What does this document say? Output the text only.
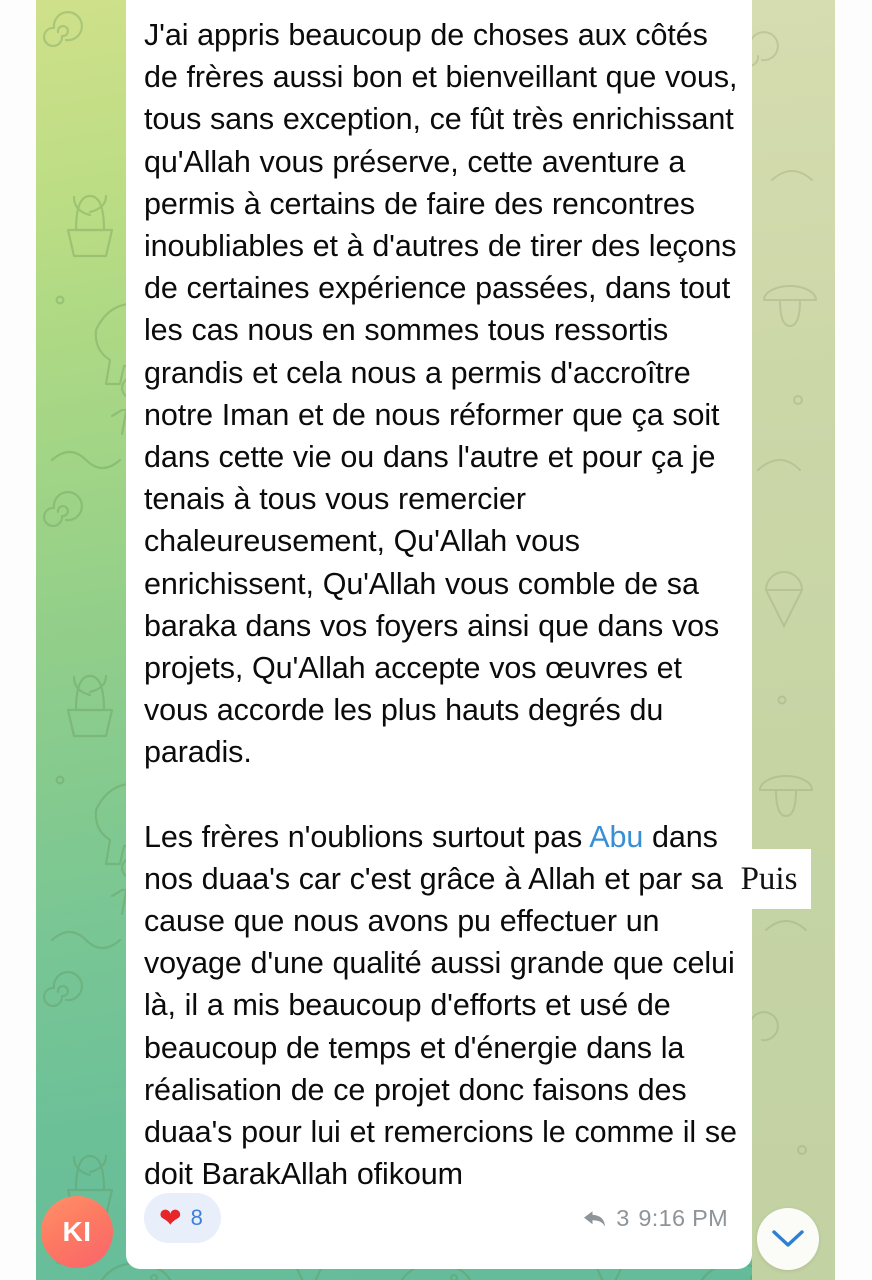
J'ai appris beaucoup de choses aux côtés de frères aussi bon et bienveillant que vous, tous sans exception, ce fût très enrichissant qu'Allah vous préserve, cette aventure a permis à certains de faire des rencontres inoubliables et à d'autres de tirer des leçons de certaines expérience passées, dans tout les cas nous en sommes tous ressortis grandis et cela nous a permis d'accroître notre Iman et de nous réformer que ça soit dans cette vie ou dans l'autre et pour ça je tenais à tous vous remercier chaleureusement, Qu'Allah vous enrichissent, Qu'Allah vous comble de sa baraka dans vos foyers ainsi que dans vos projets, Qu'Allah accepte vos œuvres et vous accorde les plus hauts degrés du paradis.
Les frères n'oublions surtout pas Abu dans nos duaa's car c'est grâce à Allah et par sa cause que nous avons pu effectuer un voyage d'une qualité aussi grande que celui là, il a mis beaucoup d'efforts et usé de beaucoup de temps et d'énergie dans la réalisation de ce projet donc faisons des duaa's pour lui et remercions le comme il se doit BarakAllah ofikoum
❤ 8	3 9:16 PM
KI
Puis
